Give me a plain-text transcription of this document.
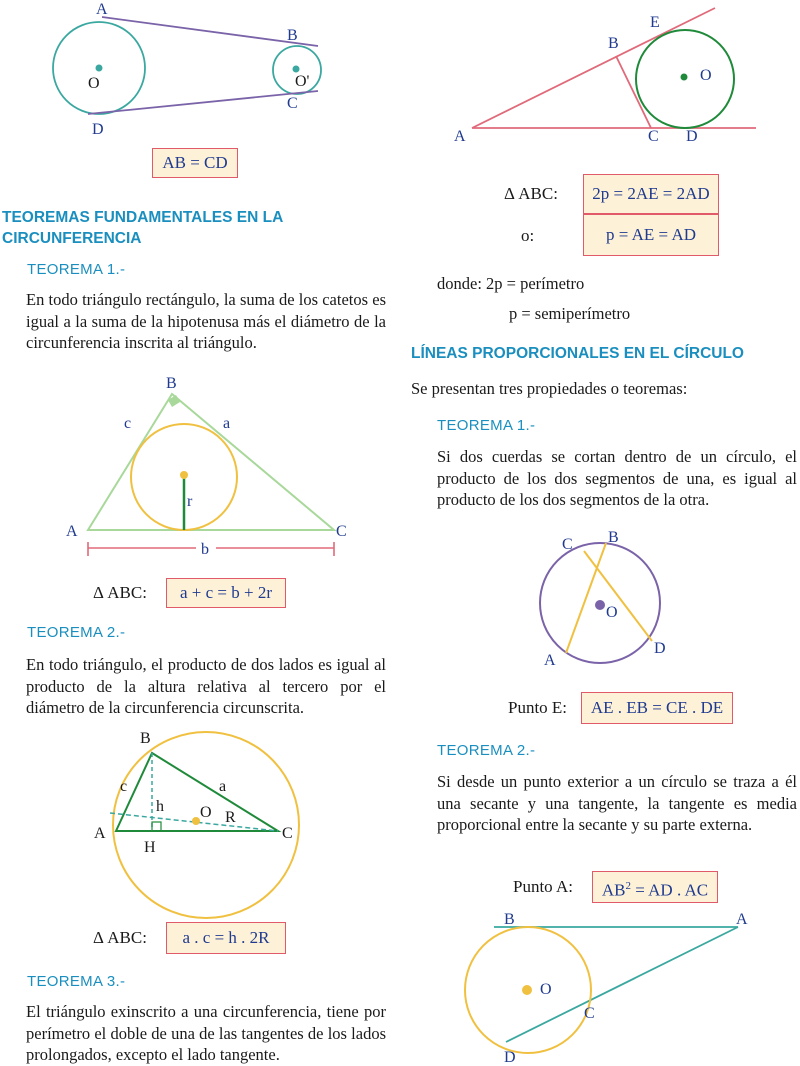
A
B
C
D
O	O'
AB = CD
TEOREMAS FUNDAMENTALES EN LA
CIRCUNFERENCIA
TEOREMA 1.-
En todo triángulo rectángulo, la suma de los catetos es igual a la suma de la hipotenusa más el diámetro de la circunferencia inscrita al triángulo.
B
c	a
A	C
r
b
Δ ABC:	a + c = b + 2r
TEOREMA 2.-
En todo triángulo, el producto de dos lados es igual al producto de la altura relativa al tercero por el diámetro de la circunferencia circunscrita.
B
c
h O
a
R
A	C
H
Δ ABC:	a . c = h . 2R
TEOREMA 3.-
El triángulo exinscrito a una circunferencia, tiene por perímetro el doble de una de las tangentes de los lados prolongados, excepto el lado tangente.
A
B
C D
E
O
Δ ABC:	2p = 2AE = 2AD
o:	p = AE = AD
donde: 2p = perímetro
p = semiperímetro
LÍNEAS PROPORCIONALES EN EL CÍRCULO
Se presentan tres propiedades o teoremas:
TEOREMA 1.-
Si dos cuerdas se cortan dentro de un círculo, el producto de los dos segmentos de una, es igual al producto de los dos segmentos de la otra.
C B
O
A
D
Punto E:	AE . EB = CE . DE
TEOREMA 2.-
Si desde un punto exterior a un círculo se traza a él una secante y una tangente, la tangente es media proporcional entre la secante y su parte externa.
Punto A:	$AB^2$ = AD . AC
B	A
O
C
D
